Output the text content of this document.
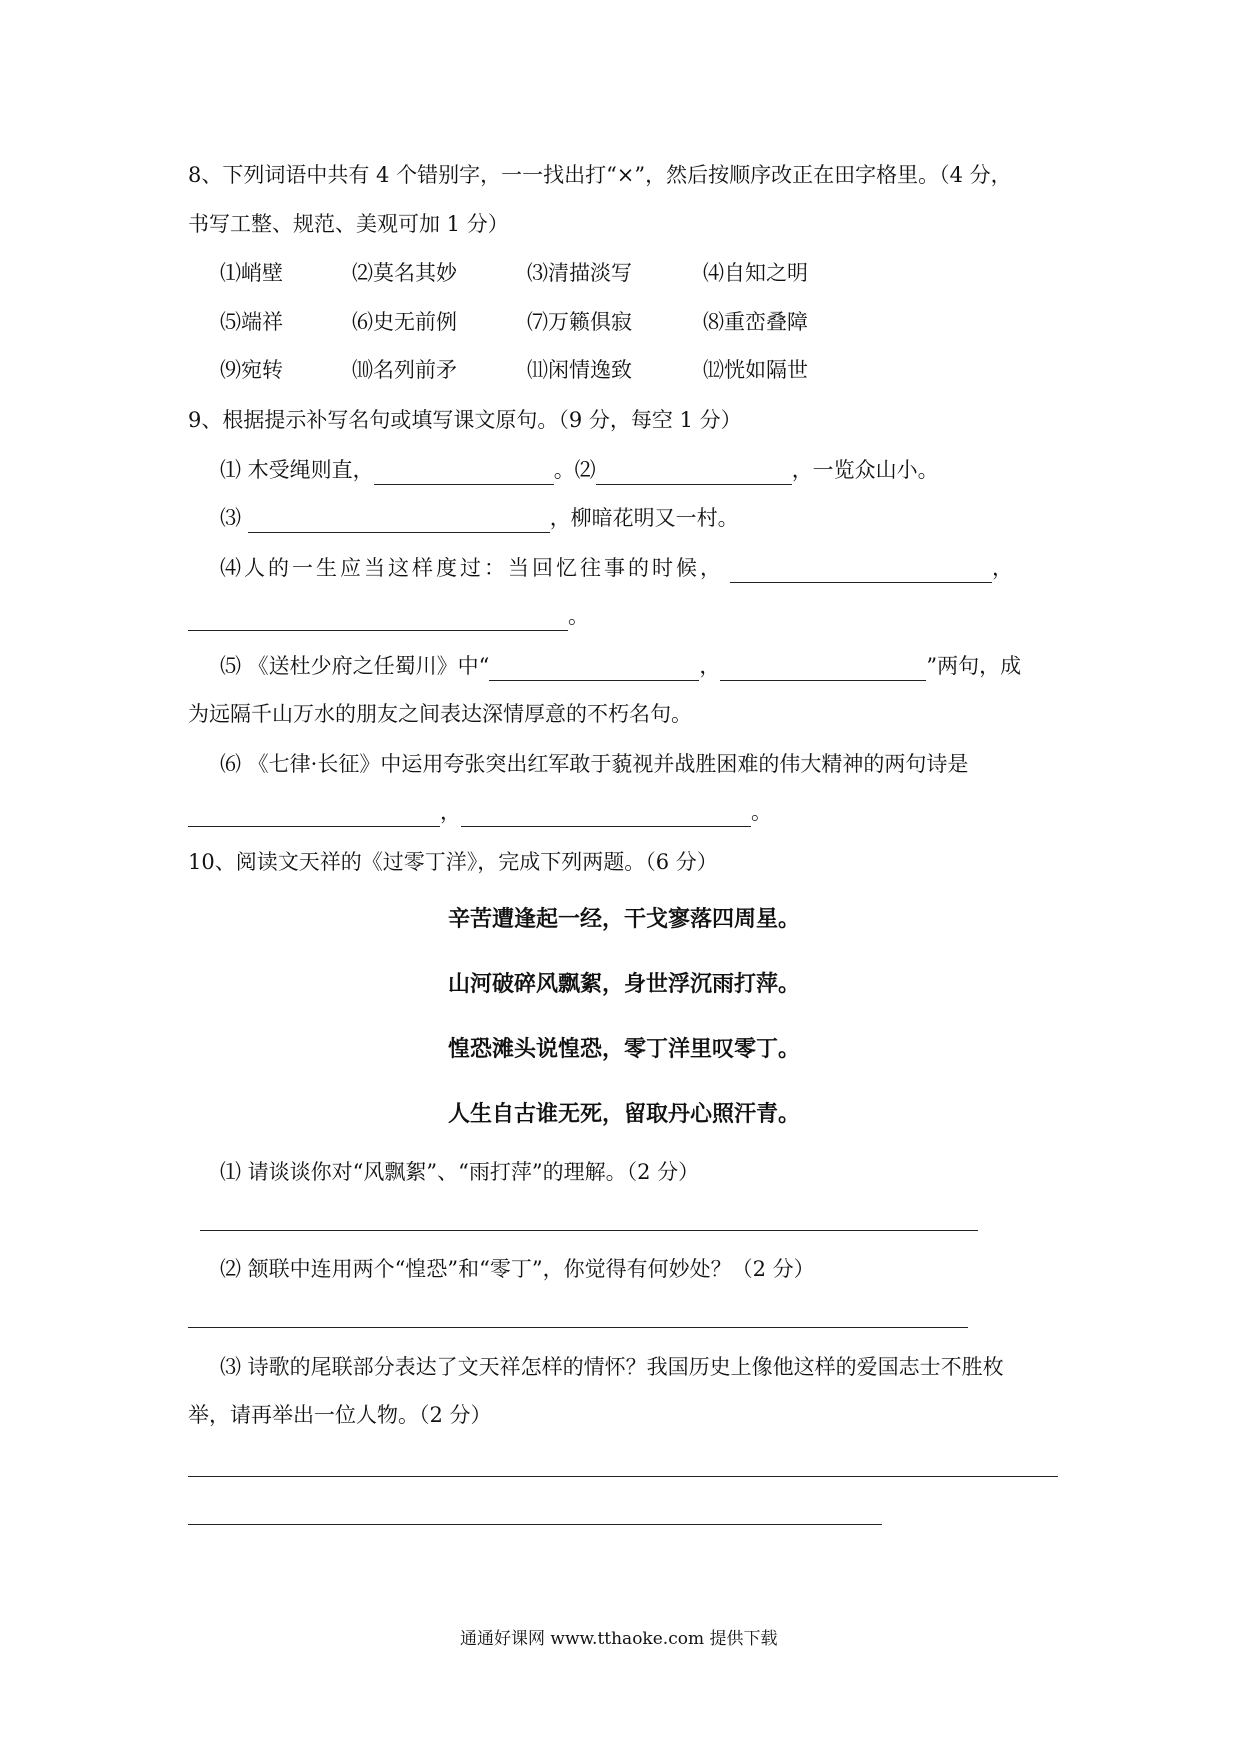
8、下列词语中共有 4 个错别字，一一找出打“×”，然后按顺序改正在田字格里。（4 分，
书写工整、规范、美观可加 1 分）
⑴峭壁	⑵莫名其妙	⑶清描淡写	⑷自知之明
⑸端祥	⑹史无前例	⑺万籁俱寂	⑻重峦叠障
⑼宛转	⑽名列前矛	⑾闲情逸致	⑿恍如隔世
9、根据提示补写名句或填写课文原句。（9 分，每空 1 分）
⑴ 木受绳则直，	。⑵	，一览众山小。
⑶	，柳暗花明又一村。
⑷人的一生应当这样度过：当回忆往事的时候，	，
。
⑸ 《送杜少府之任蜀川》中“	，	”两句，成
为远隔千山万水的朋友之间表达深情厚意的不朽名句。
⑹ 《七律·长征》中运用夸张突出红军敢于藐视并战胜困难的伟大精神的两句诗是
，	。
10、阅读文天祥的《过零丁洋》，完成下列两题。（6 分）
辛苦遭逢起一经，干戈寥落四周星。
山河破碎风飘絮，身世浮沉雨打萍。
惶恐滩头说惶恐，零丁洋里叹零丁。
人生自古谁无死，留取丹心照汗青。
⑴ 请谈谈你对“风飘絮”、“雨打萍”的理解。（2 分）
⑵ 颔联中连用两个“惶恐”和“零丁”，你觉得有何妙处？（2 分）
⑶ 诗歌的尾联部分表达了文天祥怎样的情怀？我国历史上像他这样的爱国志士不胜枚
举，请再举出一位人物。（2 分）
通通好课网 www.tthaoke.com 提供下载
